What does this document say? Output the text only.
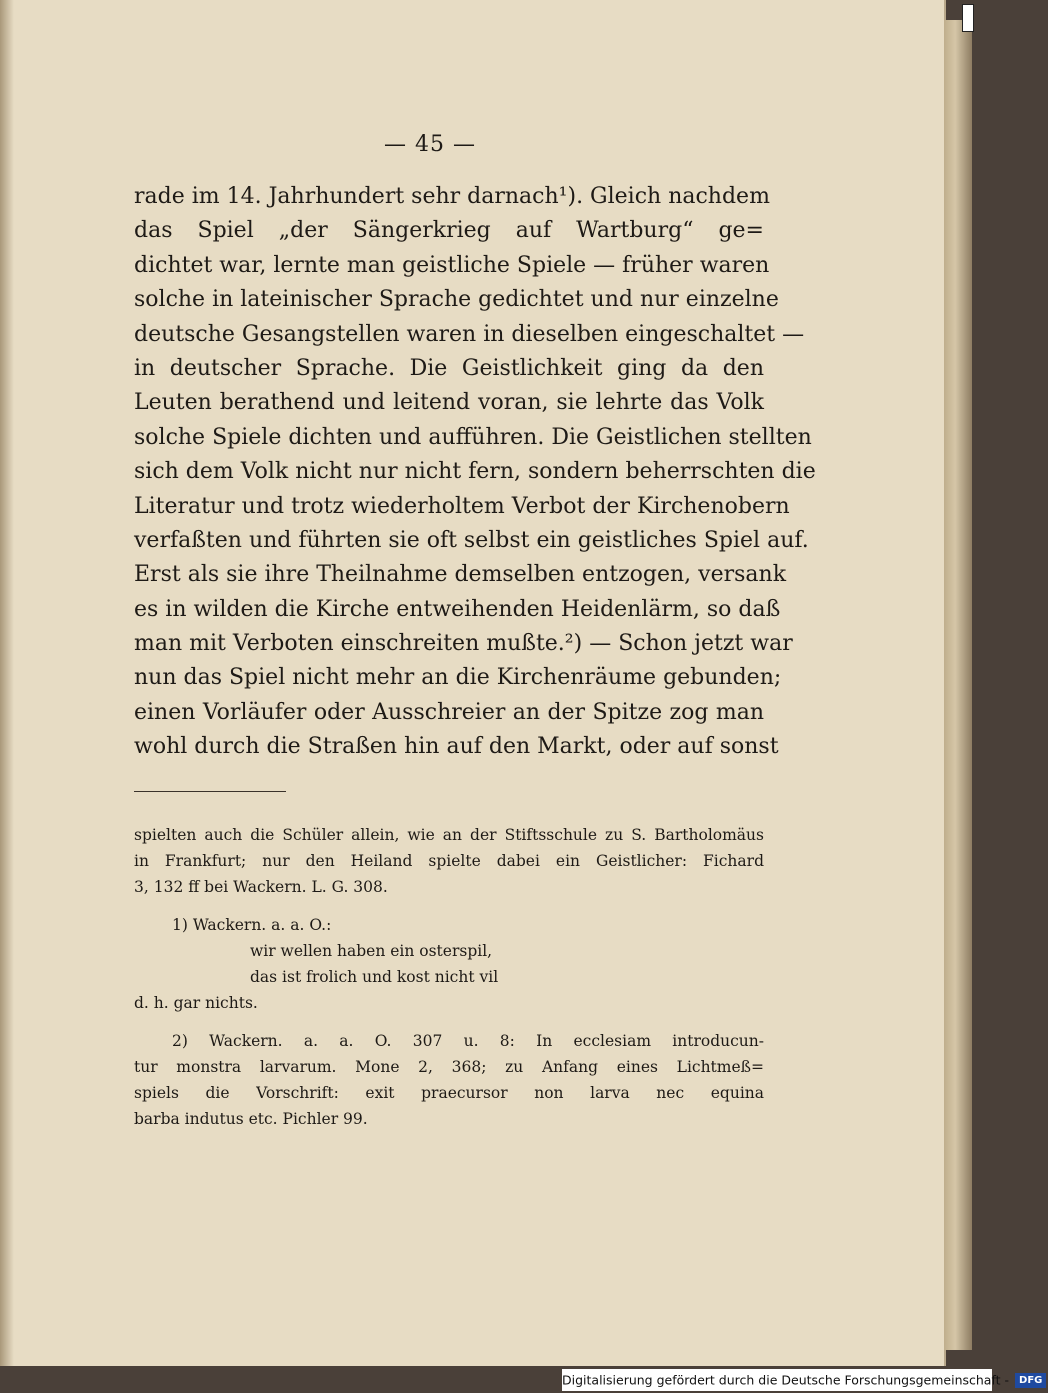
— 45 —
rade im 14. Jahrhundert sehr darnach¹). Gleich nachdem
das Spiel „der Sängerkrieg auf Wartburg“ ge=
dichtet war, lernte man geistliche Spiele — früher waren
solche in lateinischer Sprache gedichtet und nur einzelne
deutsche Gesangstellen waren in dieselben eingeschaltet —
in deutscher Sprache. Die Geistlichkeit ging da den
Leuten berathend und leitend voran, sie lehrte das Volk
solche Spiele dichten und aufführen. Die Geistlichen stellten
sich dem Volk nicht nur nicht fern, sondern beherrschten die
Literatur und trotz wiederholtem Verbot der Kirchenobern
verfaßten und führten sie oft selbst ein geistliches Spiel auf.
Erst als sie ihre Theilnahme demselben entzogen, versank
es in wilden die Kirche entweihenden Heidenlärm, so daß
man mit Verboten einschreiten mußte.²) — Schon jetzt war
nun das Spiel nicht mehr an die Kirchenräume gebunden;
einen Vorläufer oder Ausschreier an der Spitze zog man
wohl durch die Straßen hin auf den Markt, oder auf sonst
spielten auch die Schüler allein, wie an der Stiftsschule zu S. Bartholomäus
in Frankfurt; nur den Heiland spielte dabei ein Geistlicher: Fichard
3, 132 ff bei Wackern. L. G. 308.
1) Wackern. a. a. O.:
wir wellen haben ein osterspil,
das ist frolich und kost nicht vil
d. h. gar nichts.
2) Wackern. a. a. O. 307 u. 8: In ecclesiam introducun-
tur monstra larvarum. Mone 2, 368; zu Anfang eines Lichtmeß=
spiels die Vorschrift: exit praecursor non larva nec equina
barba indutus etc. Pichler 99.
Digitalisierung gefördert durch die Deutsche Forschungsgemeinschaft - DFG
